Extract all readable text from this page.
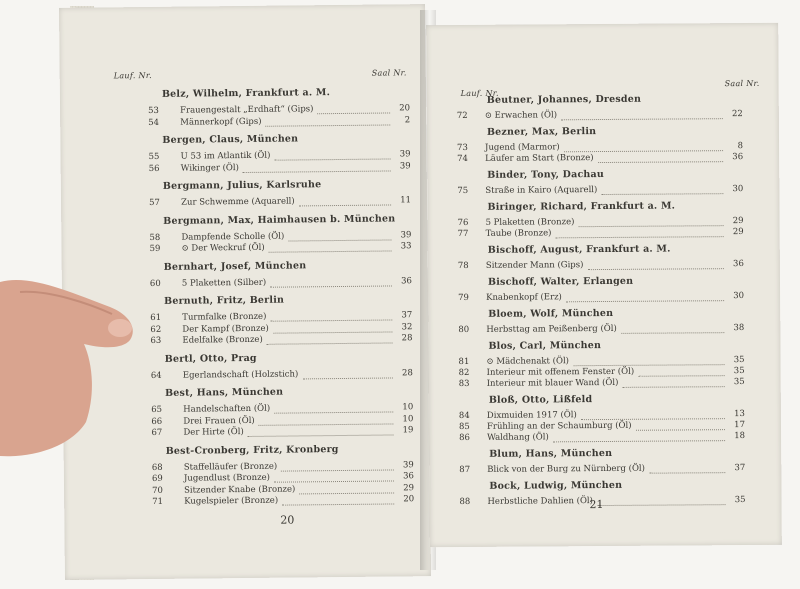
Lauf. Nr.	Saal Nr.
Belz, Wilhelm, Frankfurt a. M.
53 Frauengestalt „Erdhaft“ (Gips)	20
54 Männerkopf (Gips)	2
Bergen, Claus, München
55 U 53 im Atlantik (Öl)	39
56 Wikinger (Öl)	39
Bergmann, Julius, Karlsruhe
57 Zur Schwemme (Aquarell)	11
Bergmann, Max, Haimhausen b. München
58 Dampfende Scholle (Öl)	39
59 ⊙ Der Weckruf (Öl)	33
Bernhart, Josef, München
60 5 Plaketten (Silber)	36
Bernuth, Fritz, Berlin
61 Turmfalke (Bronze)	37
62 Der Kampf (Bronze)	32
63 Edelfalke (Bronze)	28
Bertl, Otto, Prag
64 Egerlandschaft (Holzstich)	28
Best, Hans, München
65 Handelschaften (Öl)	10
66 Drei Frauen (Öl)	10
67 Der Hirte (Öl)	19
Best-Cronberg, Fritz, Kronberg
68 Staffelläufer (Bronze)	39
69 Jugendlust (Bronze)	36
70 Sitzender Knabe (Bronze)	29
71 Kugelspieler (Bronze)	20
20
Lauf. Nr.
Saal Nr.
Beutner, Johannes, Dresden
72 ⊙ Erwachen (Öl)	22
Bezner, Max, Berlin
73 Jugend (Marmor)	8
74 Läufer am Start (Bronze)	36
Binder, Tony, Dachau
75 Straße in Kairo (Aquarell)	30
Biringer, Richard, Frankfurt a. M.
76 5 Plaketten (Bronze)	29
77 Taube (Bronze)	29
Bischoff, August, Frankfurt a. M.
78 Sitzender Mann (Gips)	36
Bischoff, Walter, Erlangen
79 Knabenkopf (Erz)	30
Bloem, Wolf, München
80 Herbsttag am Peißenberg (Öl)	38
Blos, Carl, München
81 ⊙ Mädchenakt (Öl)	35
82 Interieur mit offenem Fenster (Öl)	35
83 Interieur mit blauer Wand (Öl)	35
Bloß, Otto, Lißfeld
84 Dixmuiden 1917 (Öl)	13
85 Frühling an der Schaumburg (Öl)	17
86 Waldhang (Öl)	18
Blum, Hans, München
87 Blick von der Burg zu Nürnberg (Öl)	37
Bock, Ludwig, München
88 Herbstliche Dahlien (Öl)	35
21
